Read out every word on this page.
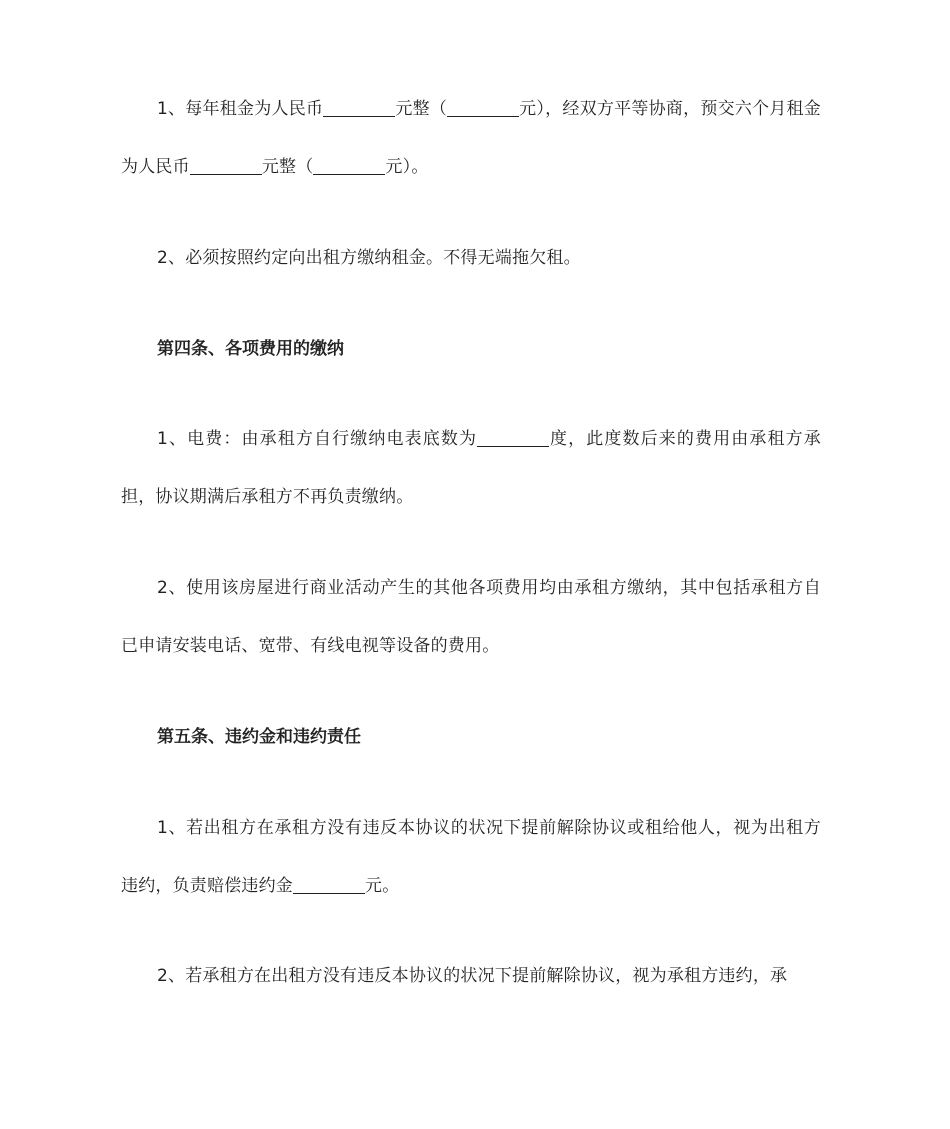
1、每年租金为人民币	元整（	元），经双方平等协商，预交六个月租金为人民币	元整（	元）。

2、必须按照约定向出租方缴纳租金。不得无端拖欠租。

第四条、各项费用的缴纳

1、电费：由承租方自行缴纳电表底数为	度，此度数后来的费用由承租方承担，协议期满后承租方不再负责缴纳。

2、使用该房屋进行商业活动产生的其他各项费用均由承租方缴纳，其中包括承租方自已申请安装电话、宽带、有线电视等设备的费用。

第五条、违约金和违约责任

1、若出租方在承租方没有违反本协议的状况下提前解除协议或租给他人，视为出租方违约，负责赔偿违约金	元。

2、若承租方在出租方没有违反本协议的状况下提前解除协议，视为承租方违约，承
